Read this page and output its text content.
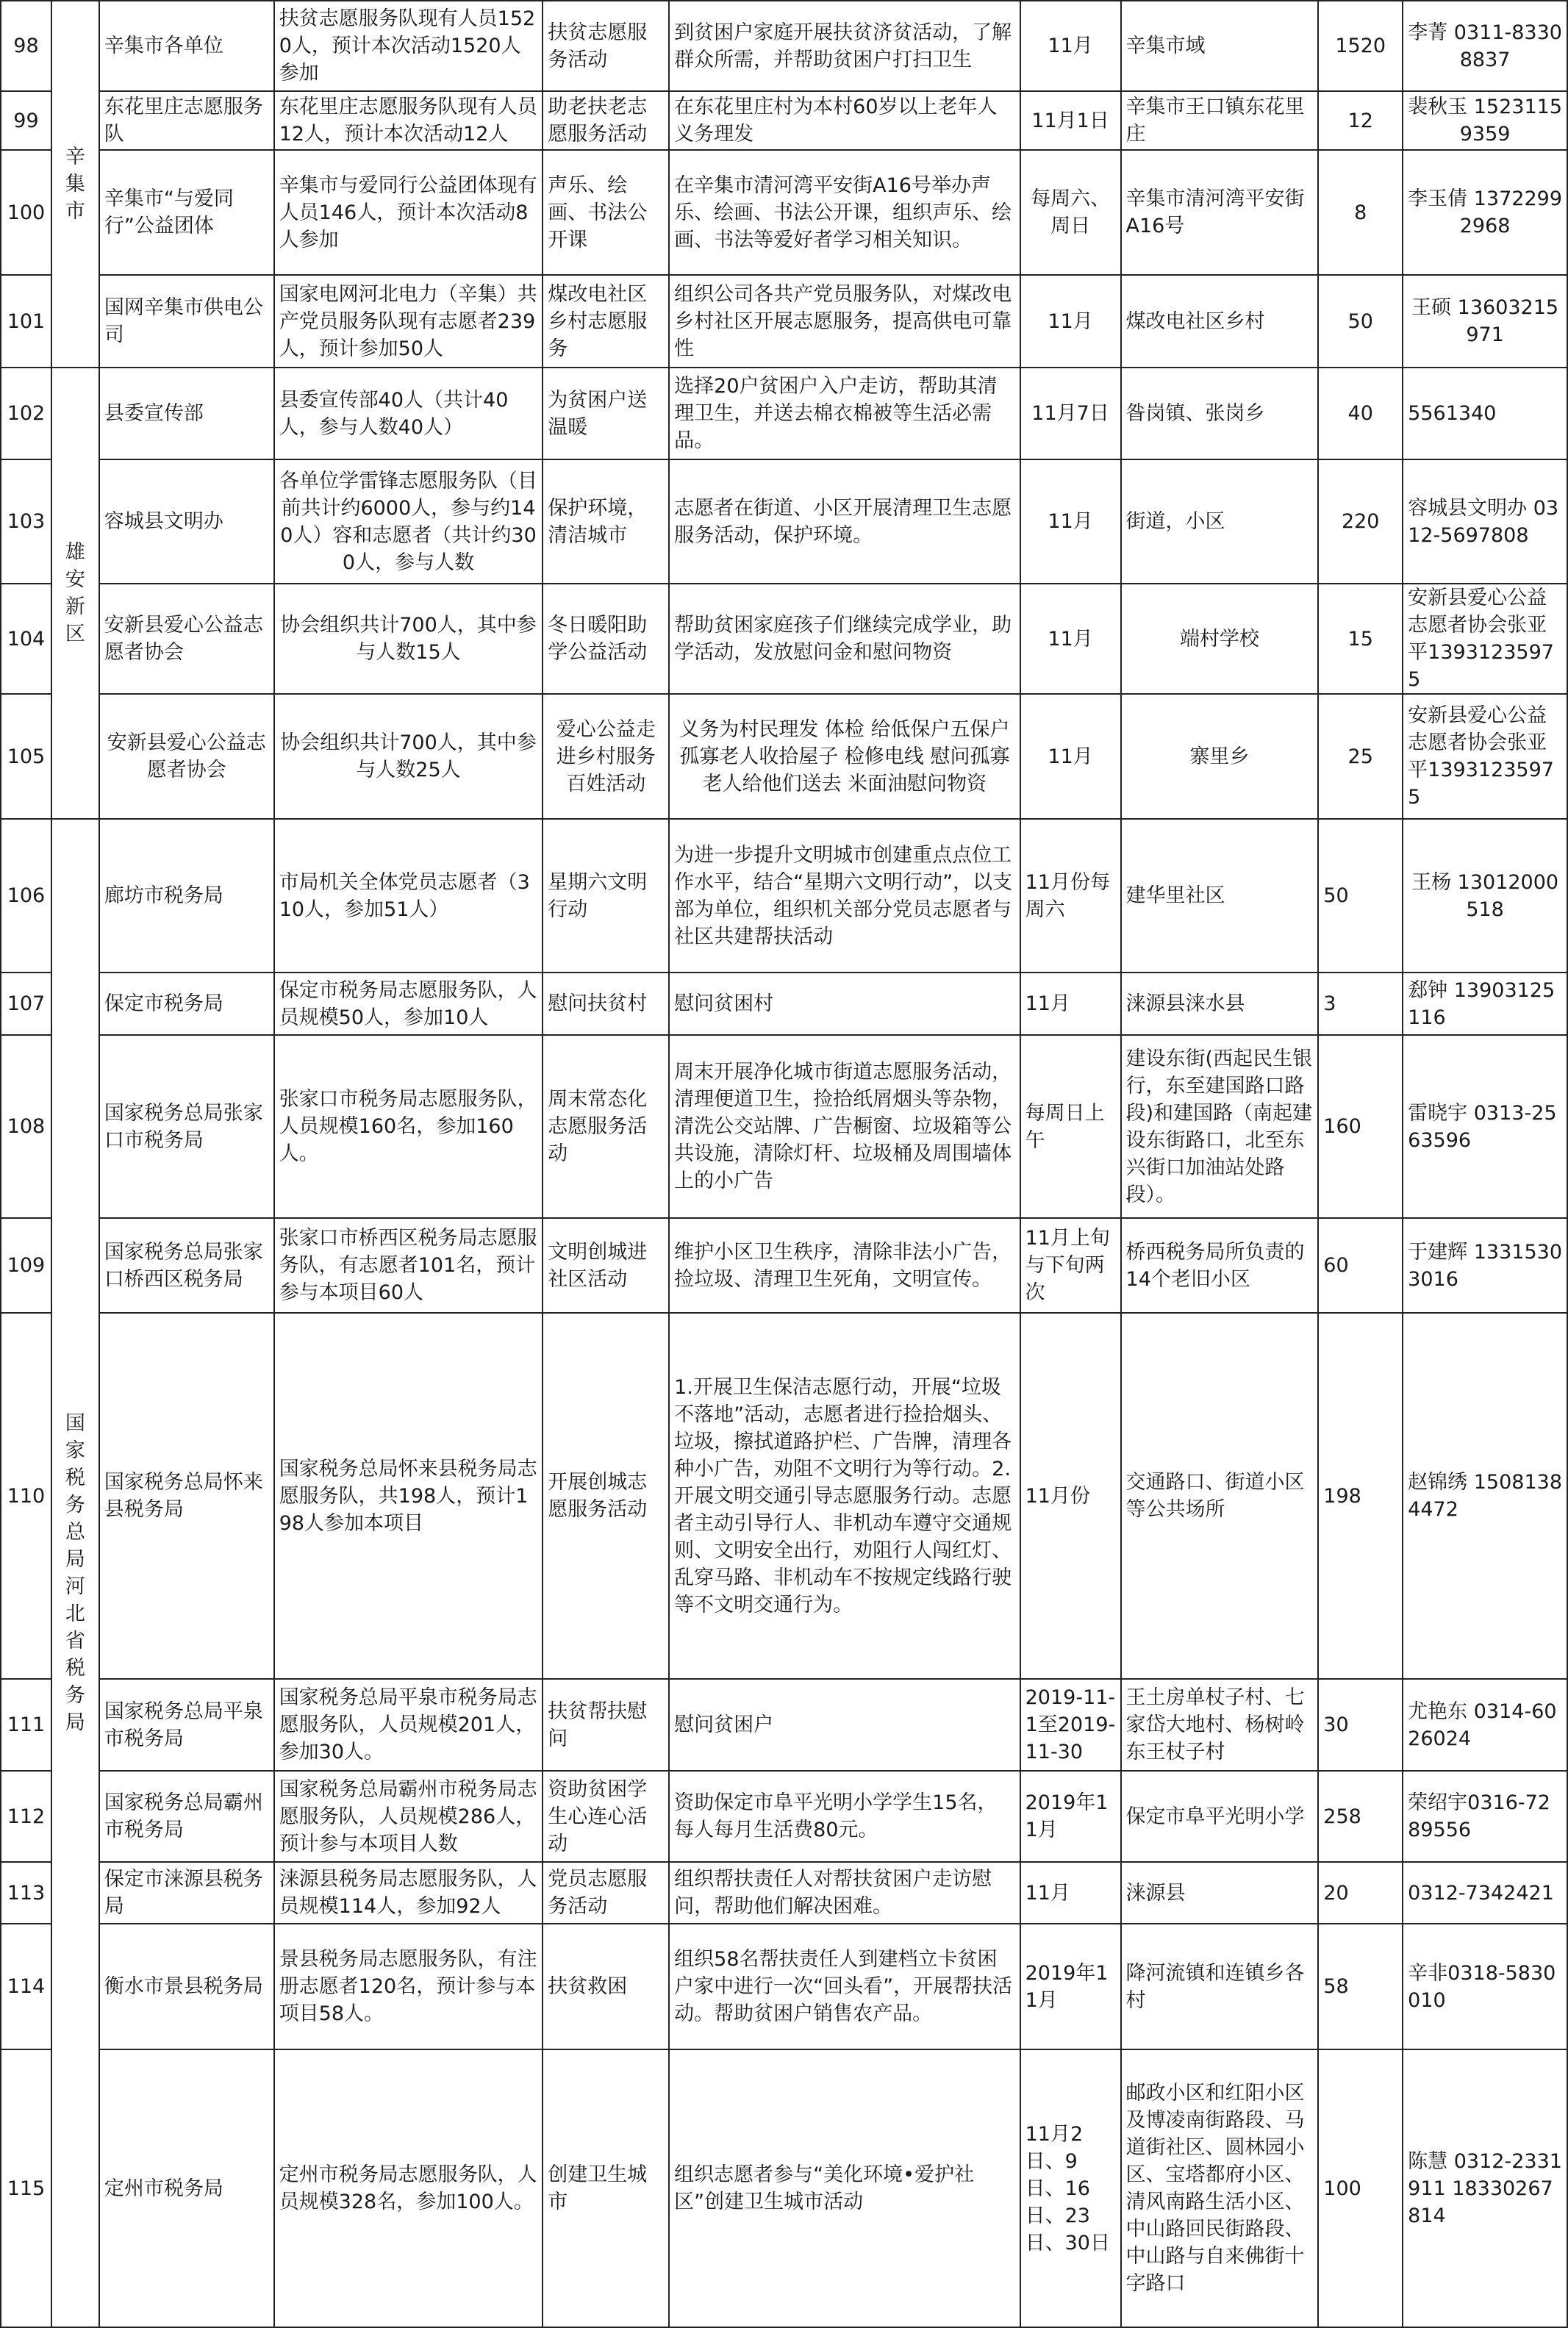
98	辛集市	辛集市各单位	扶贫志愿服务队现有人员1520人，预计本次活动1520人参加	扶贫志愿服务活动	到贫困户家庭开展扶贫济贫活动，了解群众所需，并帮助贫困户打扫卫生	11月	辛集市域	1520	李菁 0311-83308837
99		东花里庄志愿服务队	东花里庄志愿服务队现有人员12人，预计本次活动12人	助老扶老志愿服务活动	在东花里庄村为本村60岁以上老年人义务理发	11月1日	辛集市王口镇东花里庄	12	裴秋玉 15231159359
100		辛集市“与爱同行”公益团体	辛集市与爱同行公益团体现有人员146人，预计本次活动8人参加	声乐、绘画、书法公开课	在辛集市清河湾平安街A16号举办声乐、绘画、书法公开课，组织声乐、绘画、书法等爱好者学习相关知识。	每周六、周日	辛集市清河湾平安街A16号	8	李玉倩 13722992968
101		国网辛集市供电公司	国家电网河北电力（辛集）共产党员服务队现有志愿者239人，预计参加50人	煤改电社区乡村志愿服务	组织公司各共产党员服务队，对煤改电乡村社区开展志愿服务，提高供电可靠性	11月	煤改电社区乡村	50	王硕 13603215971
102	雄安新区	县委宣传部	县委宣传部40人（共计40人，参与人数40人）	为贫困户送温暖	选择20户贫困户入户走访，帮助其清理卫生，并送去棉衣棉被等生活必需品。	11月7日	昝岗镇、张岗乡	40	5561340
103		容城县文明办	各单位学雷锋志愿服务队（目前共计约6000人，参与约140人）容和志愿者（共计约300人，参与人数	保护环境，清洁城市	志愿者在街道、小区开展清理卫生志愿服务活动，保护环境。	11月	街道，小区	220	容城县文明办 0312-5697808
104		安新县爱心公益志愿者协会	协会组织共计700人，其中参与人数15人	冬日暖阳助学公益活动	帮助贫困家庭孩子们继续完成学业，助学活动，发放慰问金和慰问物资	11月	端村学校	15	安新县爱心公益志愿者协会张亚平13931235975
105		安新县爱心公益志愿者协会	协会组织共计700人，其中参与人数25人	爱心公益走进乡村服务百姓活动	义务为村民理发 体检 给低保户五保户孤寡老人收拾屋子 检修电线 慰问孤寡老人给他们送去 米面油慰问物资	11月	寨里乡	25	安新县爱心公益志愿者协会张亚平13931235975
106	国家税务总局河北省税务局	廊坊市税务局	市局机关全体党员志愿者（310人，参加51人）	星期六文明行动	为进一步提升文明城市创建重点点位工作水平，结合“星期六文明行动”，以支部为单位，组织机关部分党员志愿者与社区共建帮扶活动	11月份每周六	建华里社区	50	王杨 13012000518
107		保定市税务局	保定市税务局志愿服务队，人员规模50人，参加10人	慰问扶贫村	慰问贫困村	11月	涞源县涞水县	3	郄钟 13903125116
108		国家税务总局张家口市税务局	张家口市税务局志愿服务队，人员规模160名，参加160人。	周末常态化志愿服务活动	周末开展净化城市街道志愿服务活动，清理便道卫生，捡拾纸屑烟头等杂物，清洗公交站牌、广告橱窗、垃圾箱等公共设施，清除灯杆、垃圾桶及周围墙体上的小广告	每周日上午	建设东街(西起民生银行，东至建国路口路段)和建国路（南起建设东街路口，北至东兴街口加油站处路段）。	160	雷晓宇 0313-2563596
109		国家税务总局张家口桥西区税务局	张家口市桥西区税务局志愿服务队，有志愿者101名，预计参与本项目60人	文明创城进社区活动	维护小区卫生秩序，清除非法小广告，捡垃圾、清理卫生死角，文明宣传。	11月上旬与下旬两次	桥西税务局所负责的14个老旧小区	60	于建辉 13315303016
110		国家税务总局怀来县税务局	国家税务总局怀来县税务局志愿服务队，共198人，预计198人参加本项目	开展创城志愿服务活动	1.开展卫生保洁志愿行动，开展“垃圾不落地”活动，志愿者进行捡拾烟头、垃圾，擦拭道路护栏、广告牌，清理各种小广告，劝阻不文明行为等行动。2.开展文明交通引导志愿服务行动。志愿者主动引导行人、非机动车遵守交通规则、文明安全出行，劝阻行人闯红灯、乱穿马路、非机动车不按规定线路行驶等不文明交通行为。	11月份	交通路口、街道小区等公共场所	198	赵锦绣 15081384472
111		国家税务总局平泉市税务局	国家税务总局平泉市税务局志愿服务队，人员规模201人，参加30人。	扶贫帮扶慰问	慰问贫困户	2019-11-1至2019-11-30	王土房单杖子村、七家岱大地村、杨树岭东王杖子村	30	尤艳东 0314-6026024
112		国家税务总局霸州市税务局	国家税务总局霸州市税务局志愿服务队，人员规模286人，预计参与本项目人数	资助贫困学生心连心活动	资助保定市阜平光明小学学生15名，每人每月生活费80元。	2019年11月	保定市阜平光明小学	258	荣绍宇0316-7289556
113		保定市涞源县税务局	涞源县税务局志愿服务队，人员规模114人，参加92人	党员志愿服务活动	组织帮扶责任人对帮扶贫困户走访慰问，帮助他们解决困难。	11月	涞源县	20	0312-7342421
114		衡水市景县税务局	景县税务局志愿服务队，有注册志愿者120名，预计参与本项目58人。	扶贫救困	组织58名帮扶责任人到建档立卡贫困户家中进行一次“回头看”，开展帮扶活动。帮助贫困户销售农产品。	2019年11月	降河流镇和连镇乡各村	58	辛非0318-5830010
115		定州市税务局	定州市税务局志愿服务队，人员规模328名，参加100人。	创建卫生城市	组织志愿者参与“美化环境•爱护社区”创建卫生城市活动	11月2日、9日、16日、23日、30日	邮政小区和红阳小区及博凌南街路段、马道街社区、圆林园小区、宝塔都府小区、清风南路生活小区、中山路回民街路段、中山路与自来佛街十字路口	100	陈慧 0312-2331911 18330267814
